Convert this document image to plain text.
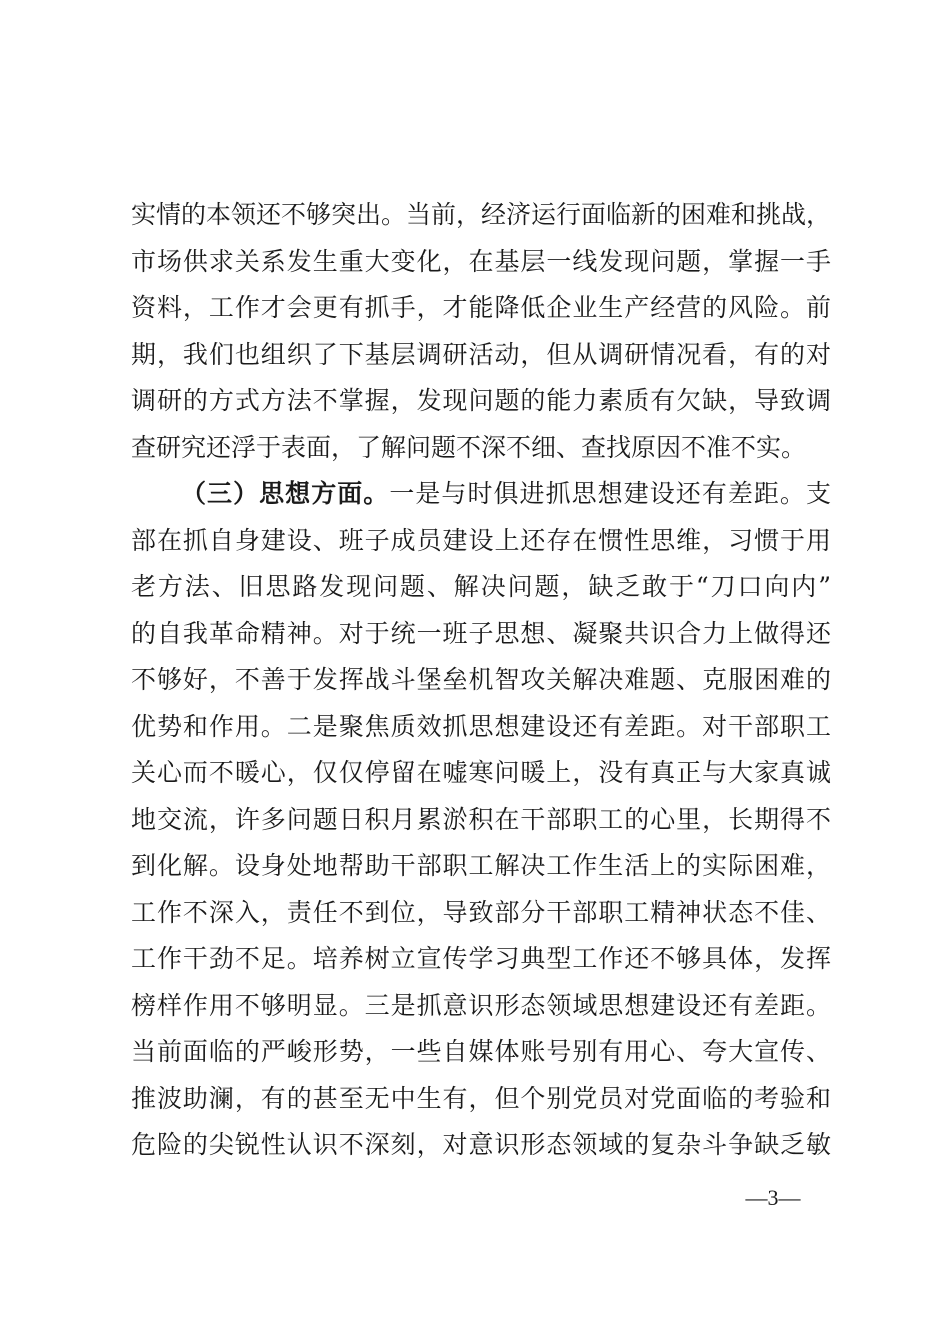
实情的本领还不够突出。当前，经济运行面临新的困难和挑战，
市场供求关系发生重大变化，在基层一线发现问题，掌握一手
资料，工作才会更有抓手，才能降低企业生产经营的风险。前
期，我们也组织了下基层调研活动，但从调研情况看，有的对
调研的方式方法不掌握，发现问题的能力素质有欠缺，导致调
查研究还浮于表面，了解问题不深不细、查找原因不准不实。
（三）思想方面。一是与时俱进抓思想建设还有差距。支
部在抓自身建设、班子成员建设上还存在惯性思维，习惯于用
老方法、旧思路发现问题、解决问题，缺乏敢于“刀口向内”
的自我革命精神。对于统一班子思想、凝聚共识合力上做得还
不够好，不善于发挥战斗堡垒机智攻关解决难题、克服困难的
优势和作用。二是聚焦质效抓思想建设还有差距。对干部职工
关心而不暖心，仅仅停留在嘘寒问暖上，没有真正与大家真诚
地交流，许多问题日积月累淤积在干部职工的心里，长期得不
到化解。设身处地帮助干部职工解决工作生活上的实际困难，
工作不深入，责任不到位，导致部分干部职工精神状态不佳、
工作干劲不足。培养树立宣传学习典型工作还不够具体，发挥
榜样作用不够明显。三是抓意识形态领域思想建设还有差距。
当前面临的严峻形势，一些自媒体账号别有用心、夸大宣传、
推波助澜，有的甚至无中生有，但个别党员对党面临的考验和
危险的尖锐性认识不深刻，对意识形态领域的复杂斗争缺乏敏
—3—
